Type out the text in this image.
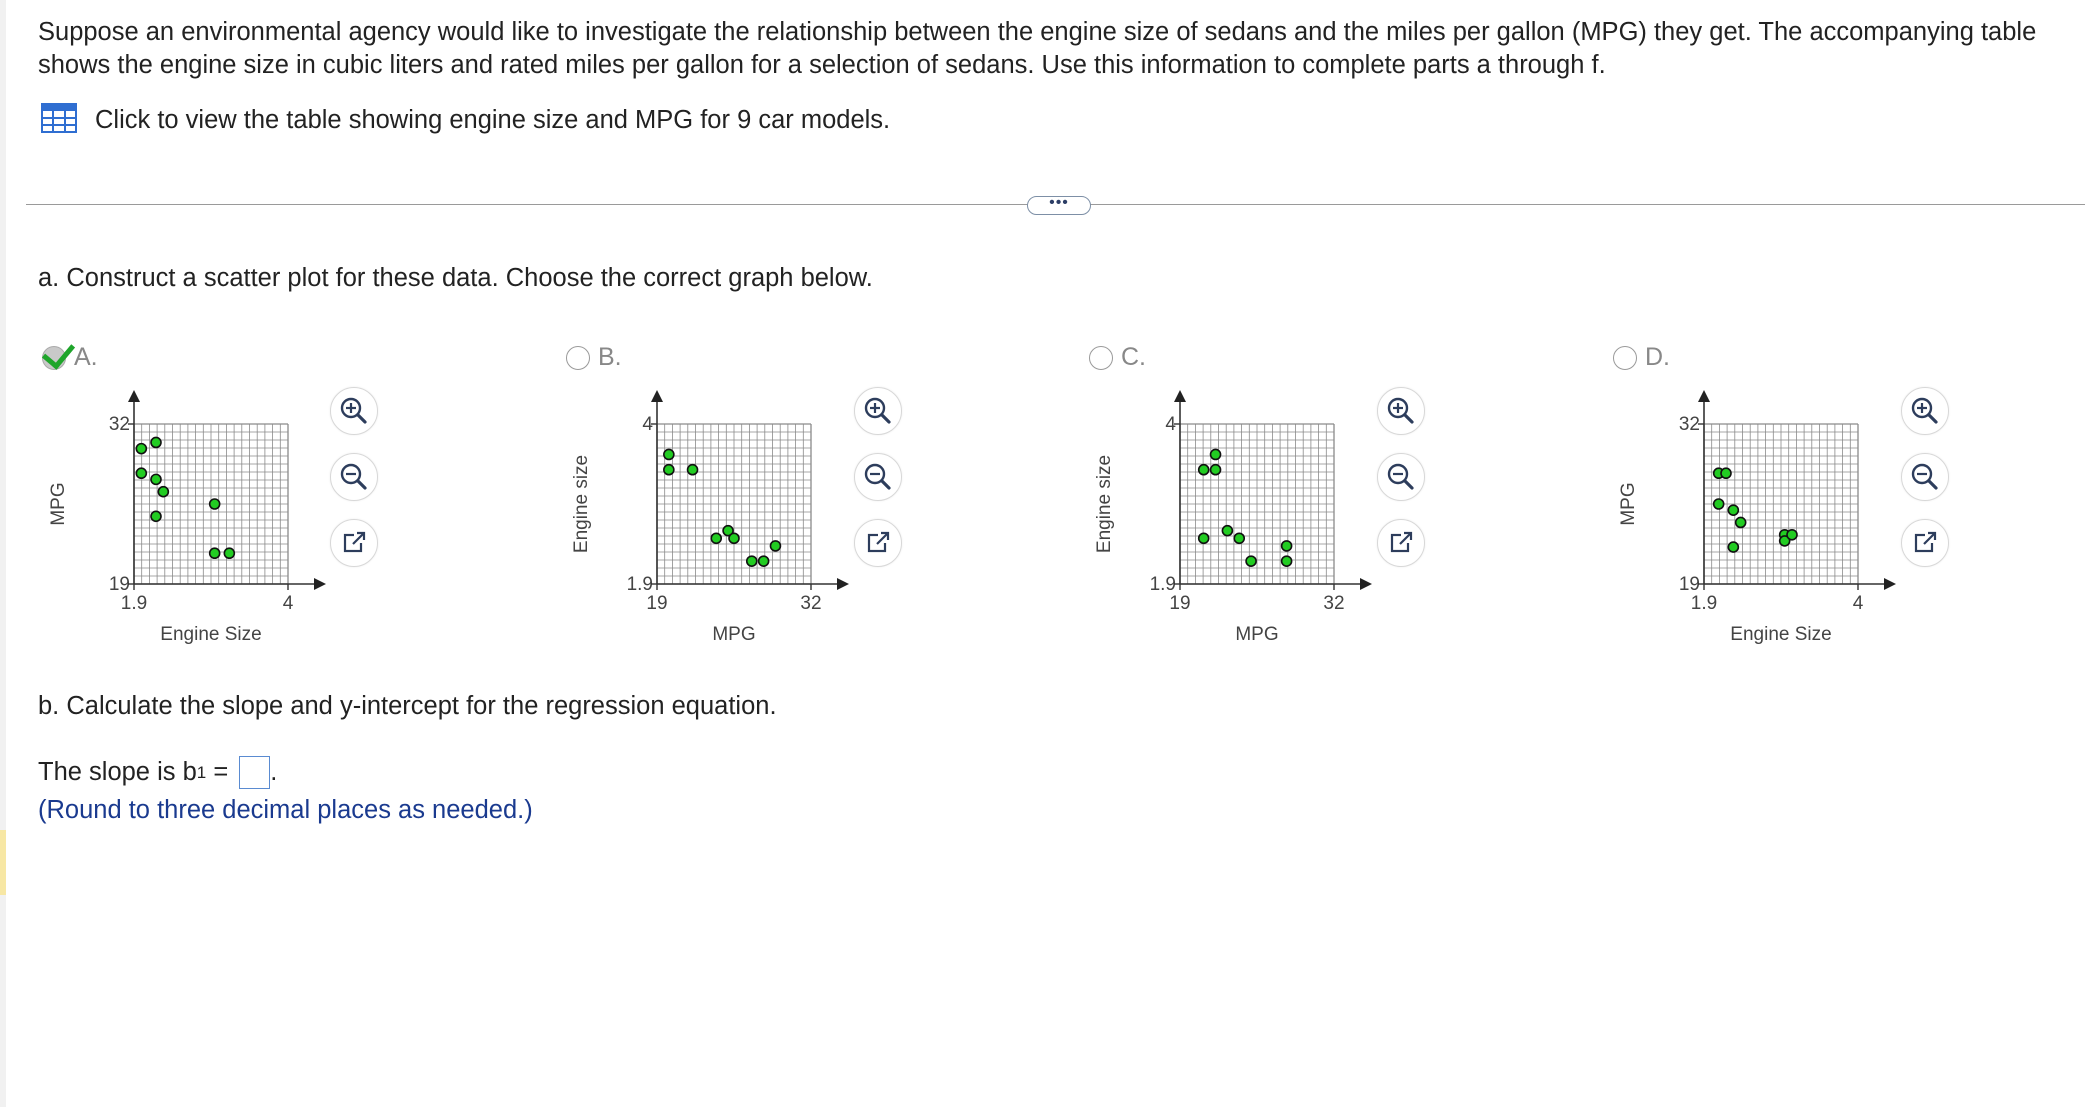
Suppose an environmental agency would like to investigate the relationship between the engine size of sedans and the miles per gallon (MPG) they get. The accompanying table shows the engine size in cubic liters and rated miles per gallon for a selection of sedans. Use this information to complete parts a through f.
Click to view the table showing engine size and MPG for 9 car models.
•••
a. Construct a scatter plot for these data. Choose the correct graph below.
A.	B.	C.	D.
1.9	4
19
32
Engine Size
MPG
19	32
1.9
4
MPG
Engine size
19	32
1.9
4
MPG
Engine size
1.9	4
19
32
Engine Size
MPG
b. Calculate the slope and y-intercept for the regression equation.
The slope is b 1 = .
(Round to three decimal places as needed.)
